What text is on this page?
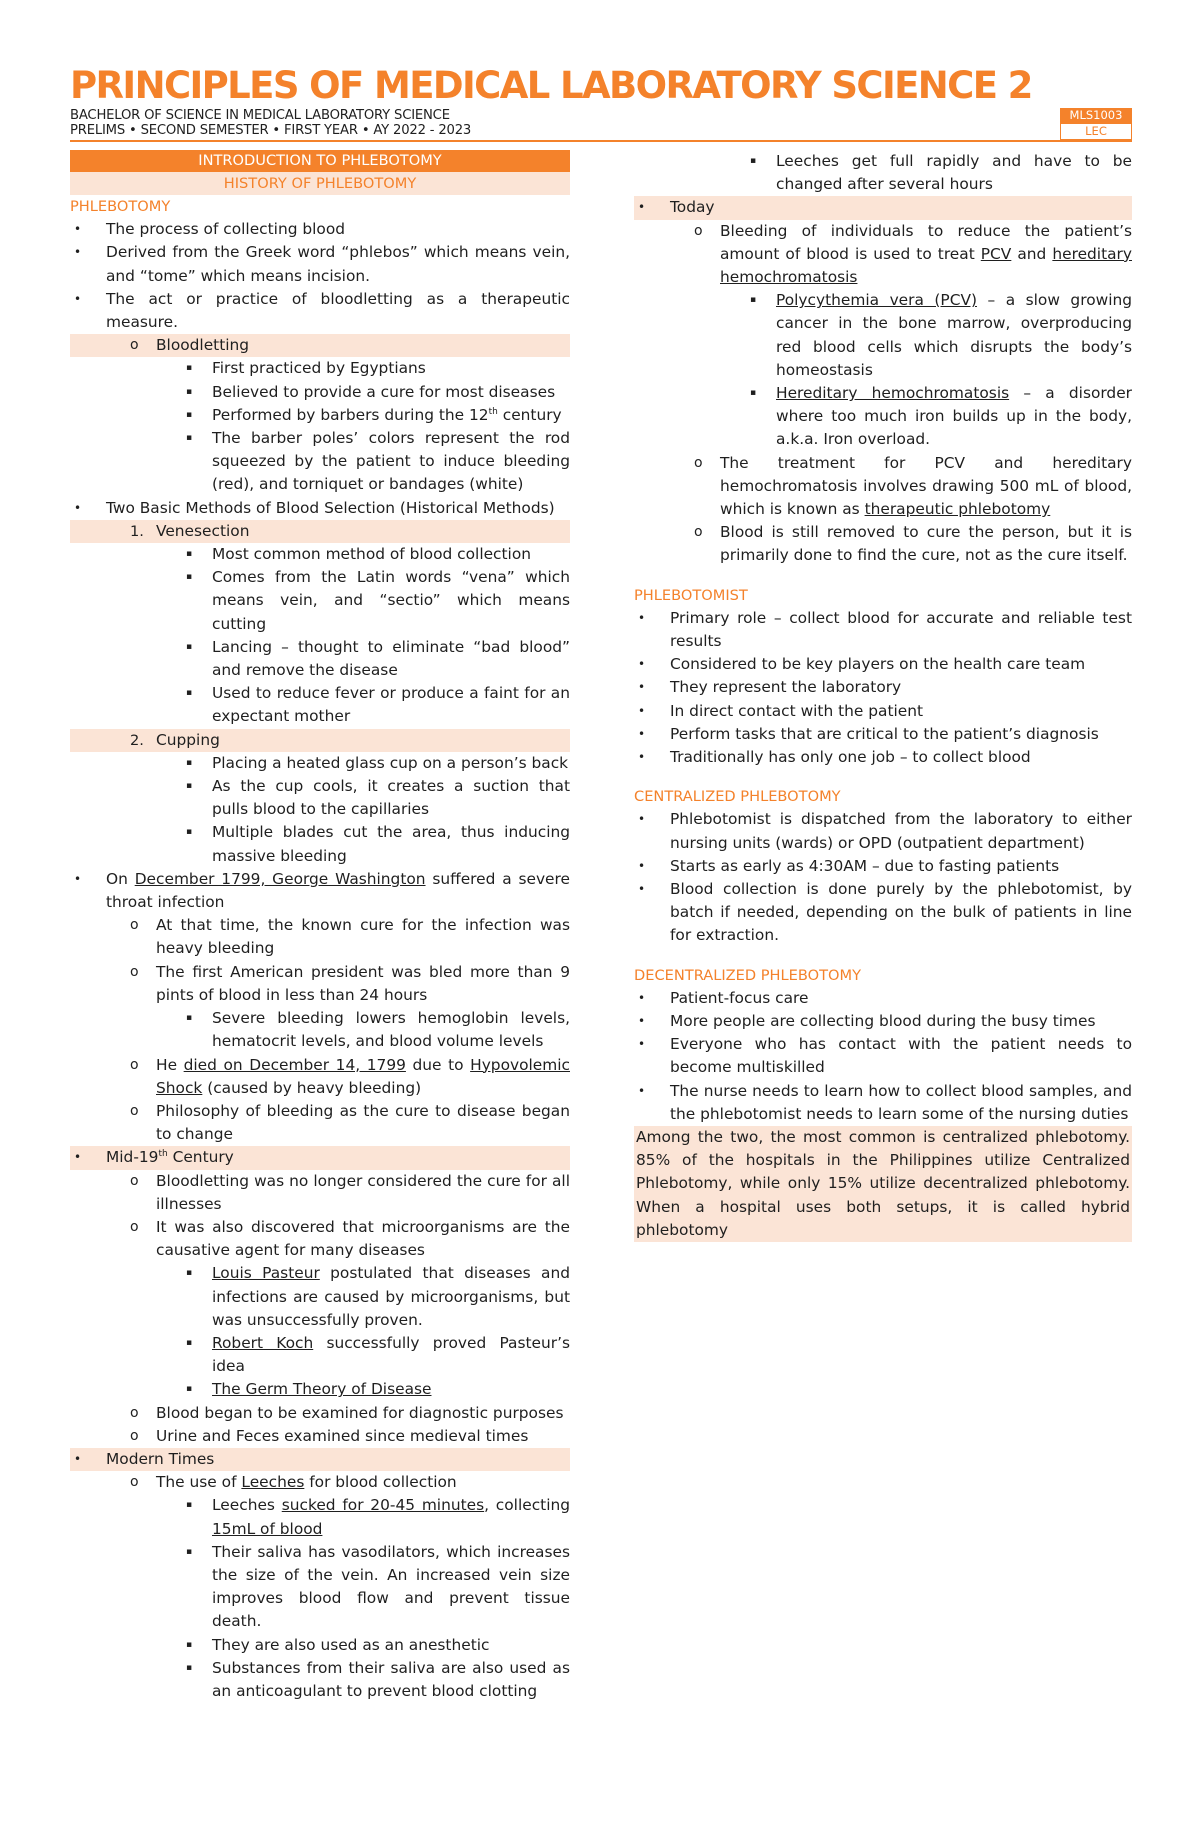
PRINCIPLES OF MEDICAL LABORATORY SCIENCE 2
BACHELOR OF SCIENCE IN MEDICAL LABORATORY SCIENCE
PRELIMS • SECOND SEMESTER • FIRST YEAR • AY 2022 - 2023
MLS1003
LEC
INTRODUCTION TO PHLEBOTOMY
HISTORY OF PHLEBOTOMY
PHLEBOTOMY
• The process of collecting blood
• Derived from the Greek word “phlebos” which means vein, and “tome” which means incision.
• The act or practice of bloodletting as a therapeutic measure.
o Bloodletting
▪ First practiced by Egyptians
▪ Believed to provide a cure for most diseases
▪ Performed by barbers during the 12th century
▪ The barber poles’ colors represent the rod squeezed by the patient to induce bleeding (red), and torniquet or bandages (white)
• Two Basic Methods of Blood Selection (Historical Methods)
1. Venesection
▪ Most common method of blood collection
▪ Comes from the Latin words “vena” which means vein, and “sectio” which means cutting
▪ Lancing – thought to eliminate “bad blood” and remove the disease
▪ Used to reduce fever or produce a faint for an expectant mother
2. Cupping
▪ Placing a heated glass cup on a person’s back
▪ As the cup cools, it creates a suction that pulls blood to the capillaries
▪ Multiple blades cut the area, thus inducing massive bleeding
• On December 1799, George Washington suffered a severe throat infection
o At that time, the known cure for the infection was heavy bleeding
o The first American president was bled more than 9 pints of blood in less than 24 hours
▪ Severe bleeding lowers hemoglobin levels, hematocrit levels, and blood volume levels
o He died on December 14, 1799 due to Hypovolemic Shock (caused by heavy bleeding)
o Philosophy of bleeding as the cure to disease began to change
• Mid-19th Century
o Bloodletting was no longer considered the cure for all illnesses
o It was also discovered that microorganisms are the causative agent for many diseases
▪ Louis Pasteur postulated that diseases and infections are caused by microorganisms, but was unsuccessfully proven.
▪ Robert Koch successfully proved Pasteur’s idea
▪ The Germ Theory of Disease
o Blood began to be examined for diagnostic purposes
o Urine and Feces examined since medieval times
• Modern Times
o The use of Leeches for blood collection
▪ Leeches sucked for 20-45 minutes, collecting 15mL of blood
▪ Their saliva has vasodilators, which increases the size of the vein. An increased vein size improves blood flow and prevent tissue death.
▪ They are also used as an anesthetic
▪ Substances from their saliva are also used as an anticoagulant to prevent blood clotting
▪ Leeches get full rapidly and have to be changed after several hours
• Today
o Bleeding of individuals to reduce the patient’s amount of blood is used to treat PCV and hereditary hemochromatosis
▪ Polycythemia vera (PCV) – a slow growing cancer in the bone marrow, overproducing red blood cells which disrupts the body’s homeostasis
▪ Hereditary hemochromatosis – a disorder where too much iron builds up in the body, a.k.a. Iron overload.
o The treatment for PCV and hereditary hemochromatosis involves drawing 500 mL of blood, which is known as therapeutic phlebotomy
o Blood is still removed to cure the person, but it is primarily done to find the cure, not as the cure itself.
PHLEBOTOMIST
• Primary role – collect blood for accurate and reliable test results
• Considered to be key players on the health care team
• They represent the laboratory
• In direct contact with the patient
• Perform tasks that are critical to the patient’s diagnosis
• Traditionally has only one job – to collect blood
CENTRALIZED PHLEBOTOMY
• Phlebotomist is dispatched from the laboratory to either nursing units (wards) or OPD (outpatient department)
• Starts as early as 4:30AM – due to fasting patients
• Blood collection is done purely by the phlebotomist, by batch if needed, depending on the bulk of patients in line for extraction.
DECENTRALIZED PHLEBOTOMY
• Patient-focus care
• More people are collecting blood during the busy times
• Everyone who has contact with the patient needs to become multiskilled
• The nurse needs to learn how to collect blood samples, and the phlebotomist needs to learn some of the nursing duties
Among the two, the most common is centralized phlebotomy. 85% of the hospitals in the Philippines utilize Centralized Phlebotomy, while only 15% utilize decentralized phlebotomy. When a hospital uses both setups, it is called hybrid phlebotomy
